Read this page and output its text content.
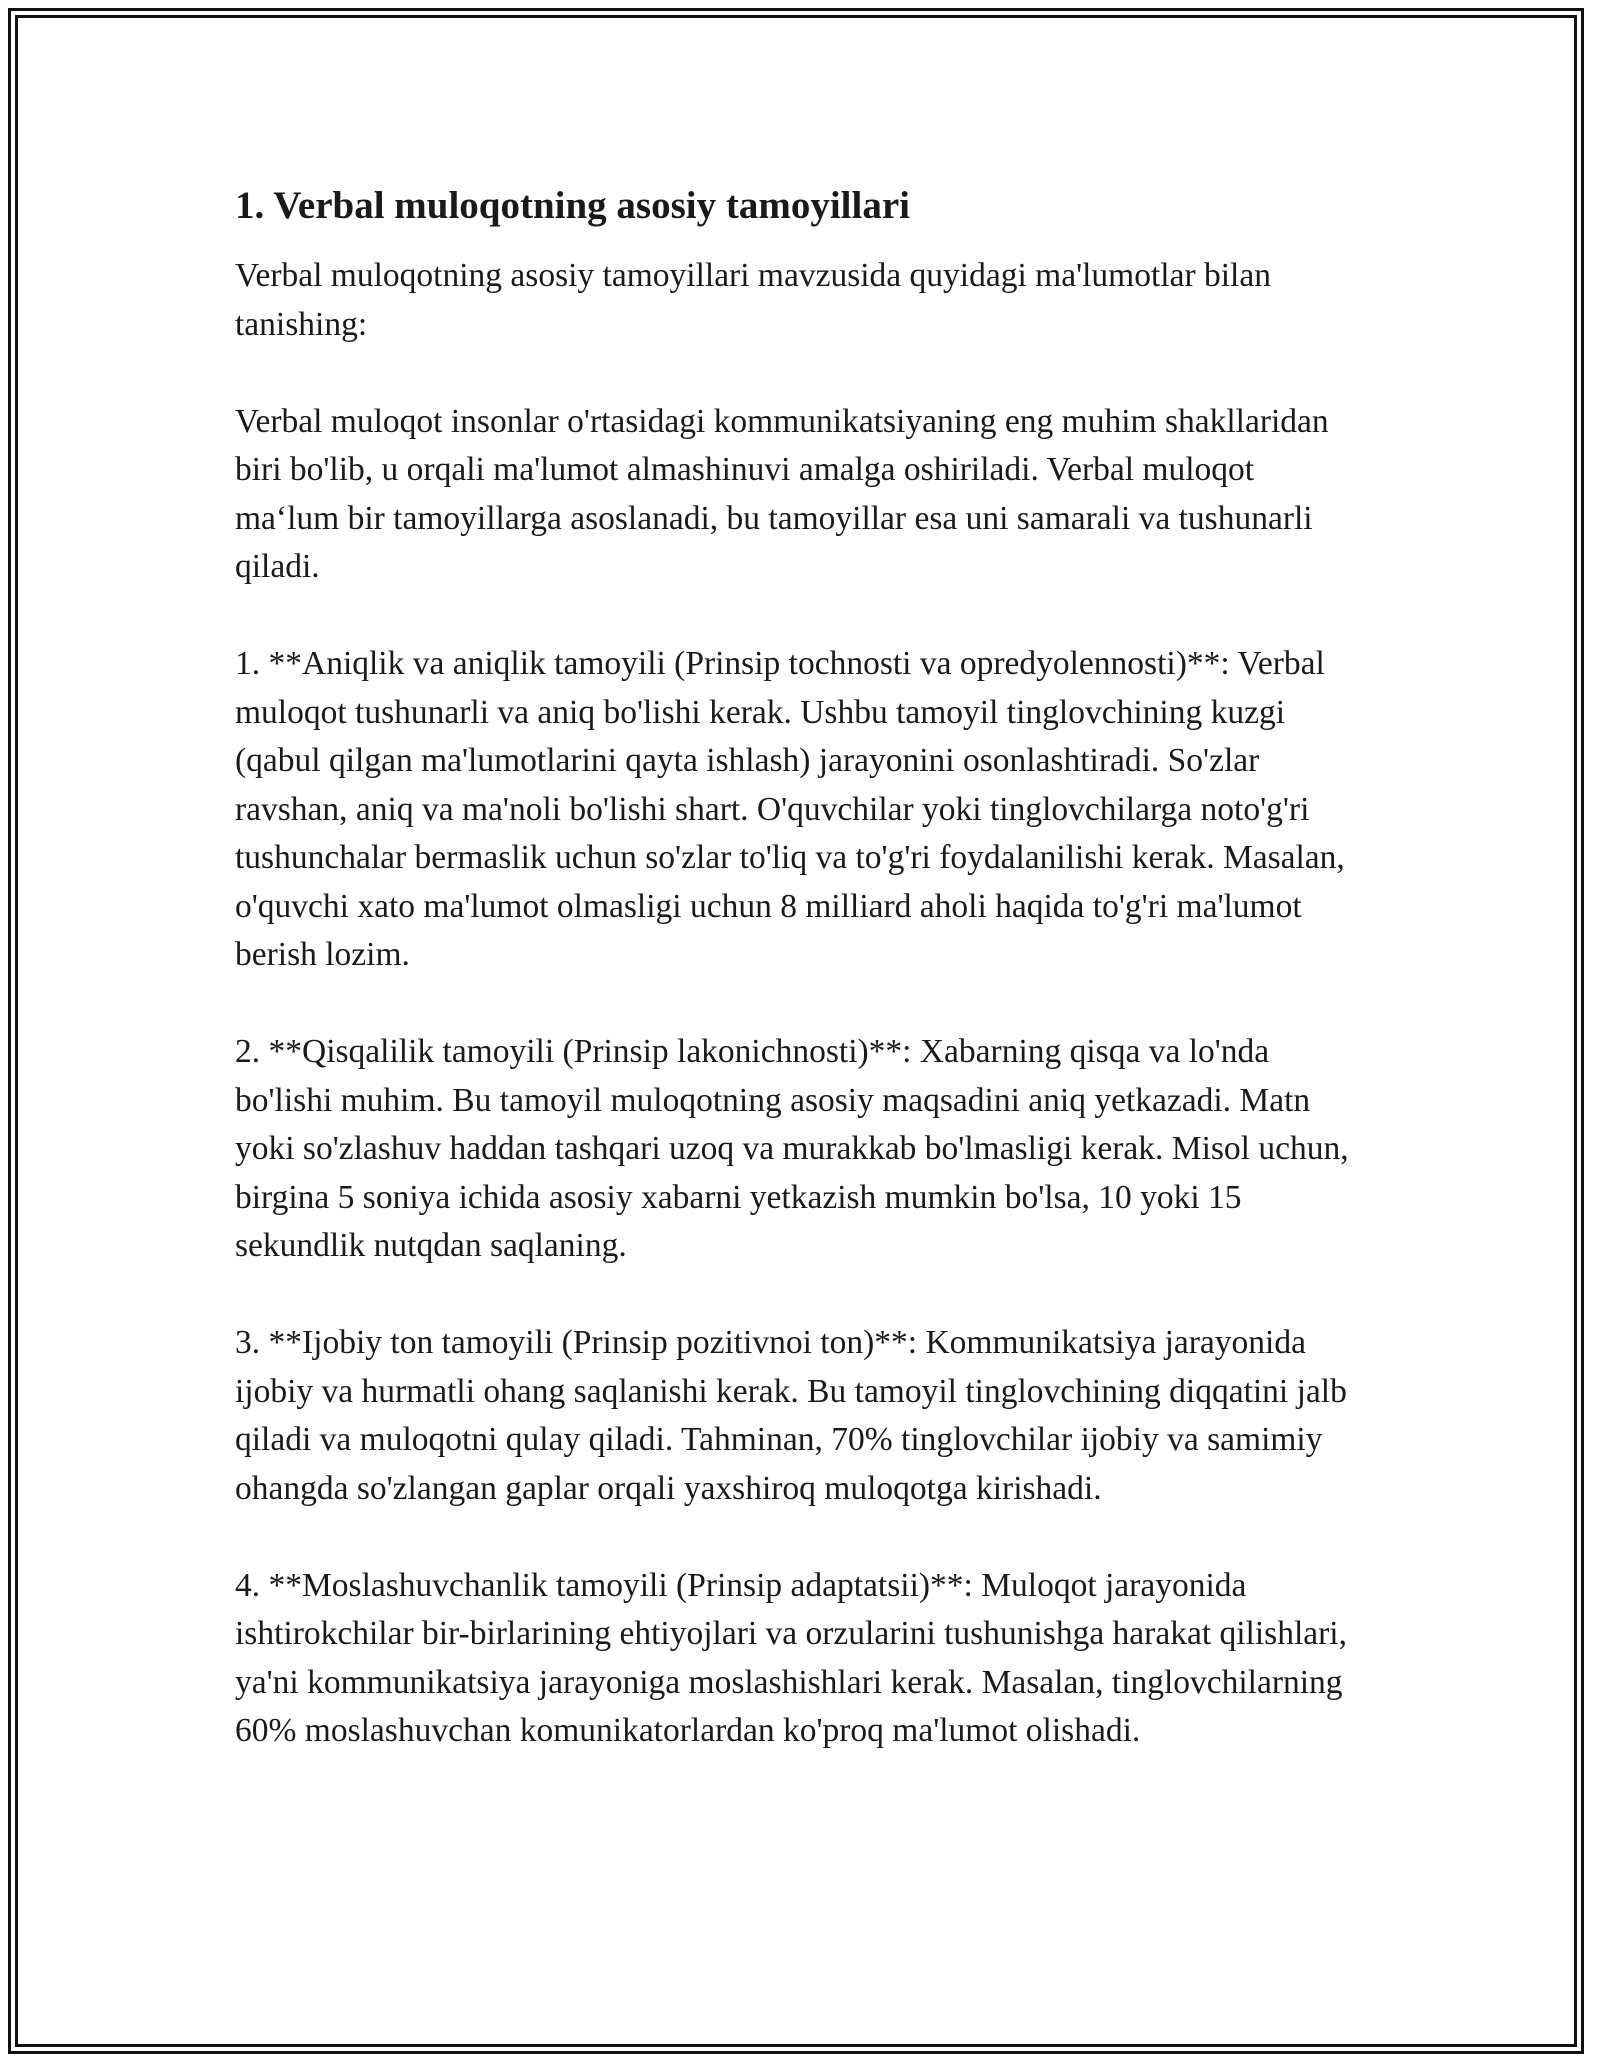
1. Verbal muloqotning asosiy tamoyillari

Verbal muloqotning asosiy tamoyillari mavzusida quyidagi ma'lumotlar bilan tanishing:

Verbal muloqot insonlar o'rtasidagi kommunikatsiyaning eng muhim shakllaridan biri bo'lib, u orqali ma'lumot almashinuvi amalga oshiriladi. Verbal muloqot ma‘lum bir tamoyillarga asoslanadi, bu tamoyillar esa uni samarali va tushunarli qiladi.

1. **Aniqlik va aniqlik tamoyili (Prinsip tochnosti va opredyolennosti)**: Verbal muloqot tushunarli va aniq bo'lishi kerak. Ushbu tamoyil tinglovchining kuzgi (qabul qilgan ma'lumotlarini qayta ishlash) jarayonini osonlashtiradi. So'zlar ravshan, aniq va ma'noli bo'lishi shart. O'quvchilar yoki tinglovchilarga noto'g'ri tushunchalar bermaslik uchun so'zlar to'liq va to'g'ri foydalanilishi kerak. Masalan, o'quvchi xato ma'lumot olmasligi uchun 8 milliard aholi haqida to'g'ri ma'lumot berish lozim.

2. **Qisqalilik tamoyili (Prinsip lakonichnosti)**: Xabarning qisqa va lo'nda bo'lishi muhim. Bu tamoyil muloqotning asosiy maqsadini aniq yetkazadi. Matn yoki so'zlashuv haddan tashqari uzoq va murakkab bo'lmasligi kerak. Misol uchun, birgina 5 soniya ichida asosiy xabarni yetkazish mumkin bo'lsa, 10 yoki 15 sekundlik nutqdan saqlaning.

3. **Ijobiy ton tamoyili (Prinsip pozitivnoi ton)**: Kommunikatsiya jarayonida ijobiy va hurmatli ohang saqlanishi kerak. Bu tamoyil tinglovchining diqqatini jalb qiladi va muloqotni qulay qiladi. Tahminan, 70% tinglovchilar ijobiy va samimiy ohangda so'zlangan gaplar orqali yaxshiroq muloqotga kirishadi.

4. **Moslashuvchanlik tamoyili (Prinsip adaptatsii)**: Muloqot jarayonida ishtirokchilar bir-birlarining ehtiyojlari va orzularini tushunishga harakat qilishlari, ya'ni kommunikatsiya jarayoniga moslashishlari kerak. Masalan, tinglovchilarning 60% moslashuvchan komunikatorlardan ko'proq ma'lumot olishadi.
